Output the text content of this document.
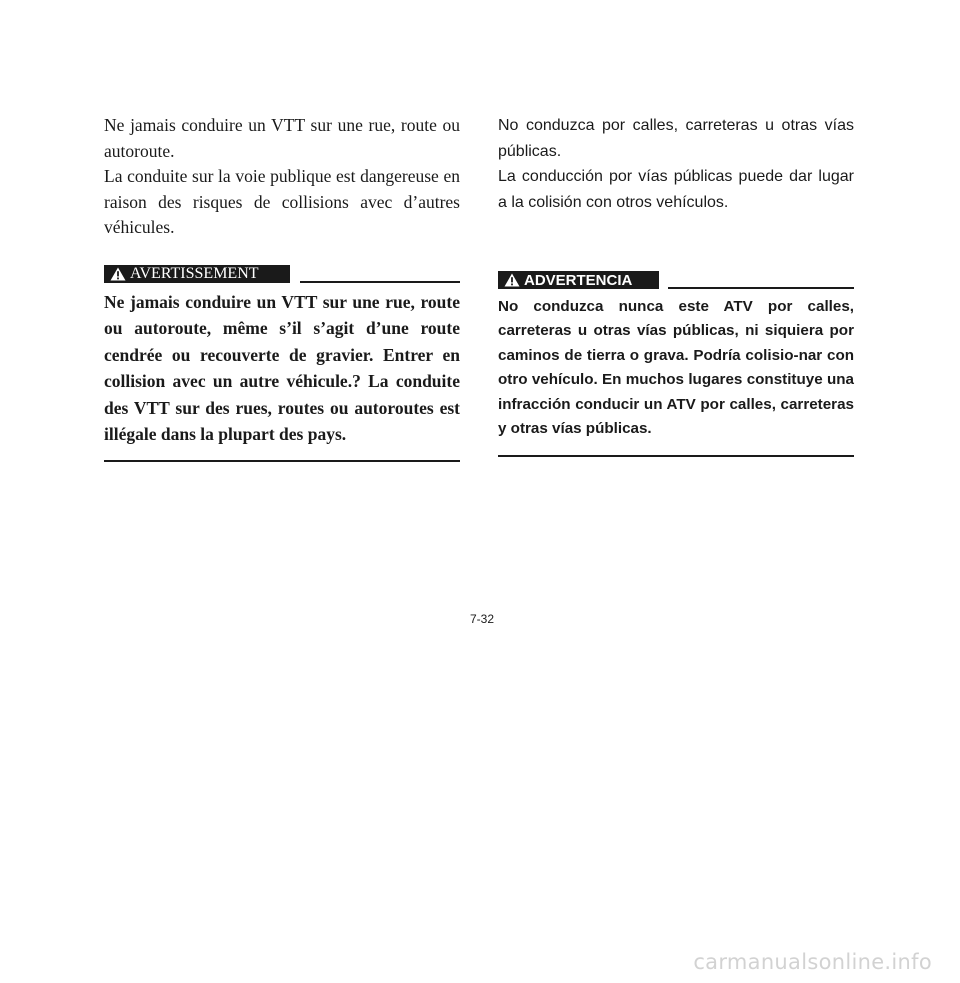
Ne jamais conduire un VTT sur une rue, route ou autoroute.

La conduite sur la voie publique est dangereuse en raison des risques de collisions avec d’autres véhicules.

AVERTISSEMENT

Ne jamais conduire un VTT sur une rue, route ou autoroute, même s’il s’agit d’une route cendrée ou recouverte de gravier. Entrer en collision avec un autre véhicule.? La conduite des VTT sur des rues, routes ou autoroutes est illégale dans la plupart des pays.

No conduzca por calles, carreteras u otras vías públicas.

La conducción por vías públicas puede dar lugar a la colisión con otros vehículos.

ADVERTENCIA

No conduzca nunca este ATV por calles, carreteras u otras vías públicas, ni siquiera por caminos de tierra o grava. Podría colisio-nar con otro vehículo. En muchos lugares constituye una infracción conducir un ATV por calles, carreteras y otras vías públicas.

7-32
carmanualsonline.info
